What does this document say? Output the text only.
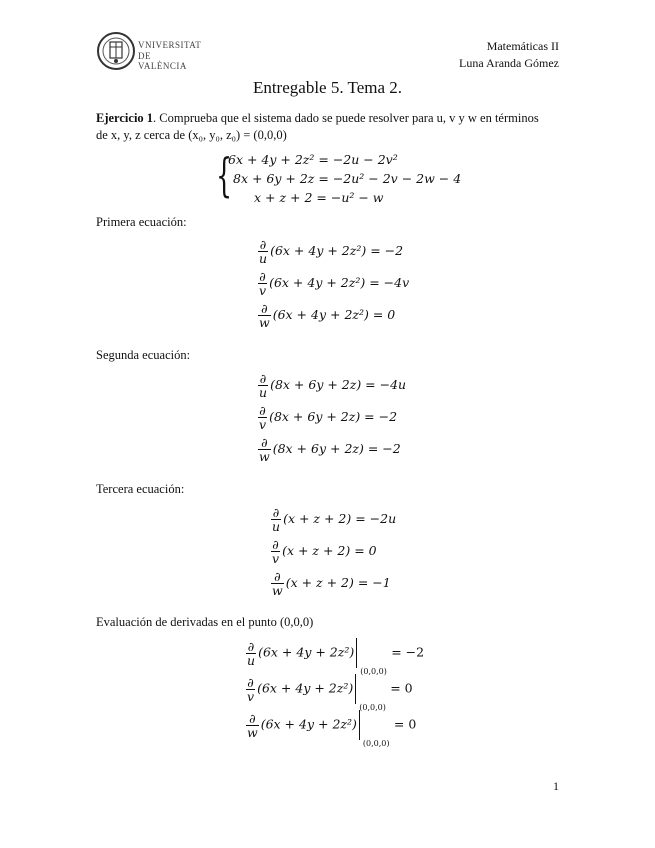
VNIVERSITAT
DE VALÈNCIA
Matemáticas II
Luna Aranda Gómez
Entregable 5. Tema 2.
Ejercicio 1. Comprueba que el sistema dado se puede resolver para u, v y w en términos
de x, y, z cerca de (x₀, y₀, z₀) = (0,0,0)
{
6x + 4y + 2z² = −2u − 2v²
8x + 6y + 2z = −2u² − 2v − 2w − 4
x + z + 2 = −u² − w
Primera ecuación:
$\frac{\partial}{u} (6x + 4y + 2z^2) = -2$
$\frac{\partial}{v} (6x + 4y + 2z^2) = -4v$
$\frac{\partial}{w} (6x + 4y + 2z^2) = 0$
Segunda ecuación:
$\frac{\partial}{u} (8x + 6y + 2z) = -4u$
$\frac{\partial}{v} (8x + 6y + 2z) = -2$
$\frac{\partial}{w} (8x + 6y + 2z) = -2$
Tercera ecuación:
$\frac{\partial}{u} (x + z + 2) = -2u$
$\frac{\partial}{v} (x + z + 2) = 0$
$\frac{\partial}{w} (x + z + 2) = -1$
Evaluación de derivadas en el punto (0,0,0)
$\frac{\partial}{u} (6x + 4y + 2z^2)$
(0,0,0)
= −2
$\frac{\partial}{v} (6x + 4y + 2z^2)$
(0,0,0)
= 0
$\frac{\partial}{w} (6x + 4y + 2z^2)$
(0,0,0)
= 0
1
